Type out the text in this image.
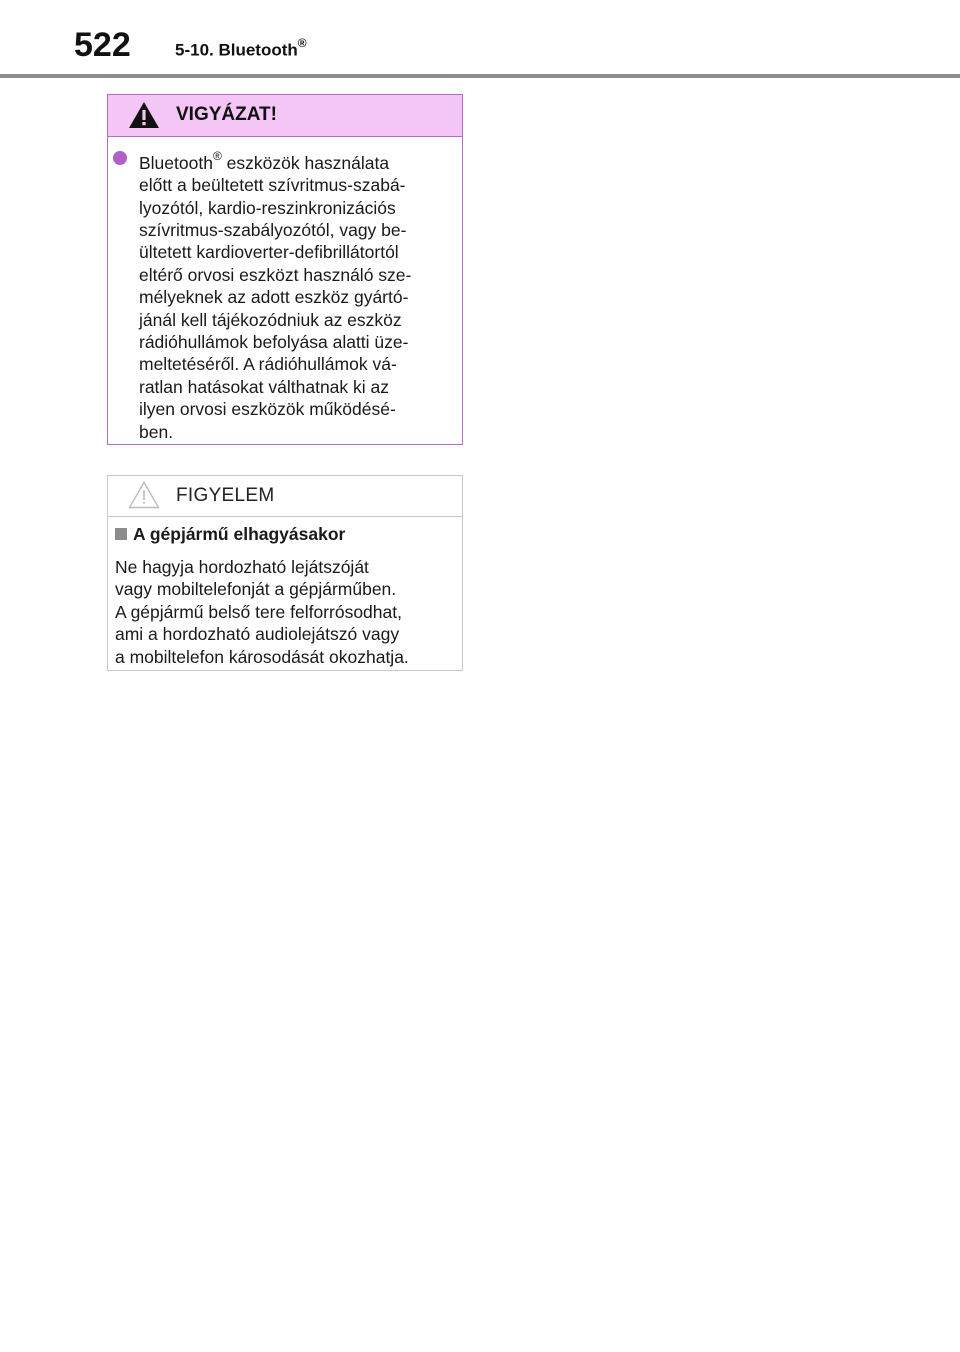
522	5-10. Bluetooth®
VIGYÁZAT!
Bluetooth® eszközök használata
előtt a beültetett szívritmus-szabá-
lyozótól, kardio-reszinkronizációs
szívritmus-szabályozótól, vagy be-
ültetett kardioverter-defibrillátortól
eltérő orvosi eszközt használó sze-
mélyeknek az adott eszköz gyártó-
jánál kell tájékozódniuk az eszköz
rádióhullámok befolyása alatti üze-
meltetéséről. A rádióhullámok vá-
ratlan hatásokat válthatnak ki az
ilyen orvosi eszközök működésé-
ben.
FIGYELEM
A gépjármű elhagyásakor
Ne hagyja hordozható lejátszóját
vagy mobiltelefonját a gépjárműben.
A gépjármű belső tere felforrósodhat,
ami a hordozható audiolejátszó vagy
a mobiltelefon károsodását okozhatja.
